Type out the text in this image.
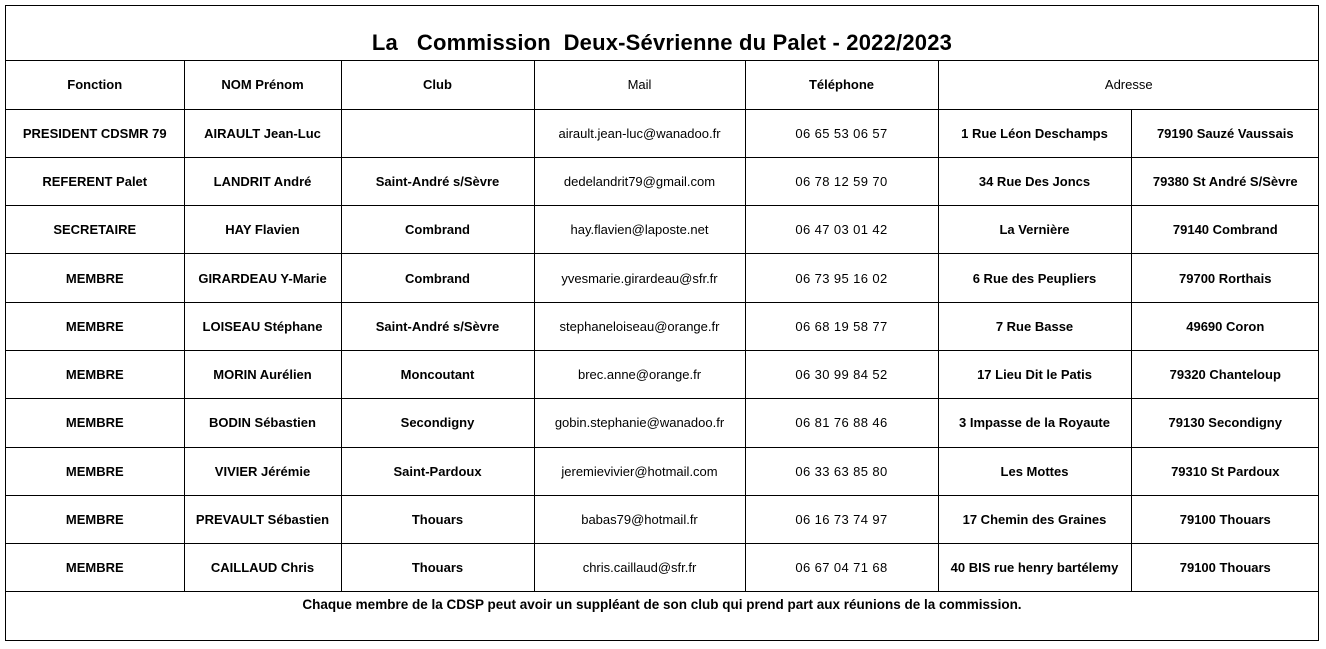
La   Commission  Deux-Sévrienne du Palet - 2022/2023
Fonction	NOM Prénom	Club	Mail	Téléphone	Adresse	
PRESIDENT CDSMR 79	AIRAULT Jean-Luc		airault.jean-luc@wanadoo.fr	06 65 53 06 57	1 Rue Léon Deschamps	79190 Sauzé Vaussais
REFERENT Palet	LANDRIT André	Saint-André s/Sèvre	dedelandrit79@gmail.com	06 78 12 59 70	34 Rue Des Joncs	79380 St André S/Sèvre
SECRETAIRE	HAY Flavien	Combrand	hay.flavien@laposte.net	06 47 03 01 42	La Vernière	79140 Combrand
MEMBRE	GIRARDEAU Y-Marie	Combrand	yvesmarie.girardeau@sfr.fr	06 73 95 16 02	6 Rue des Peupliers	79700 Rorthais
MEMBRE	LOISEAU Stéphane	Saint-André s/Sèvre	stephaneloiseau@orange.fr	06 68 19 58 77	7 Rue Basse	49690 Coron
MEMBRE	MORIN Aurélien	Moncoutant	brec.anne@orange.fr	06 30 99 84 52	17 Lieu Dit le Patis	79320 Chanteloup
MEMBRE	BODIN Sébastien	Secondigny	gobin.stephanie@wanadoo.fr	06 81 76 88 46	3 Impasse de la Royaute	79130 Secondigny
MEMBRE	VIVIER Jérémie	Saint-Pardoux	jeremievivier@hotmail.com	06 33 63 85 80	Les Mottes	79310 St Pardoux
MEMBRE	PREVAULT Sébastien	Thouars	babas79@hotmail.fr	06 16 73 74 97	17 Chemin des Graines	79100 Thouars
MEMBRE	CAILLAUD Chris	Thouars	chris.caillaud@sfr.fr	06 67 04 71 68	40 BIS rue henry bartélemy	79100 Thouars
Chaque membre de la CDSP peut avoir un suppléant de son club qui prend part aux réunions de la commission.
